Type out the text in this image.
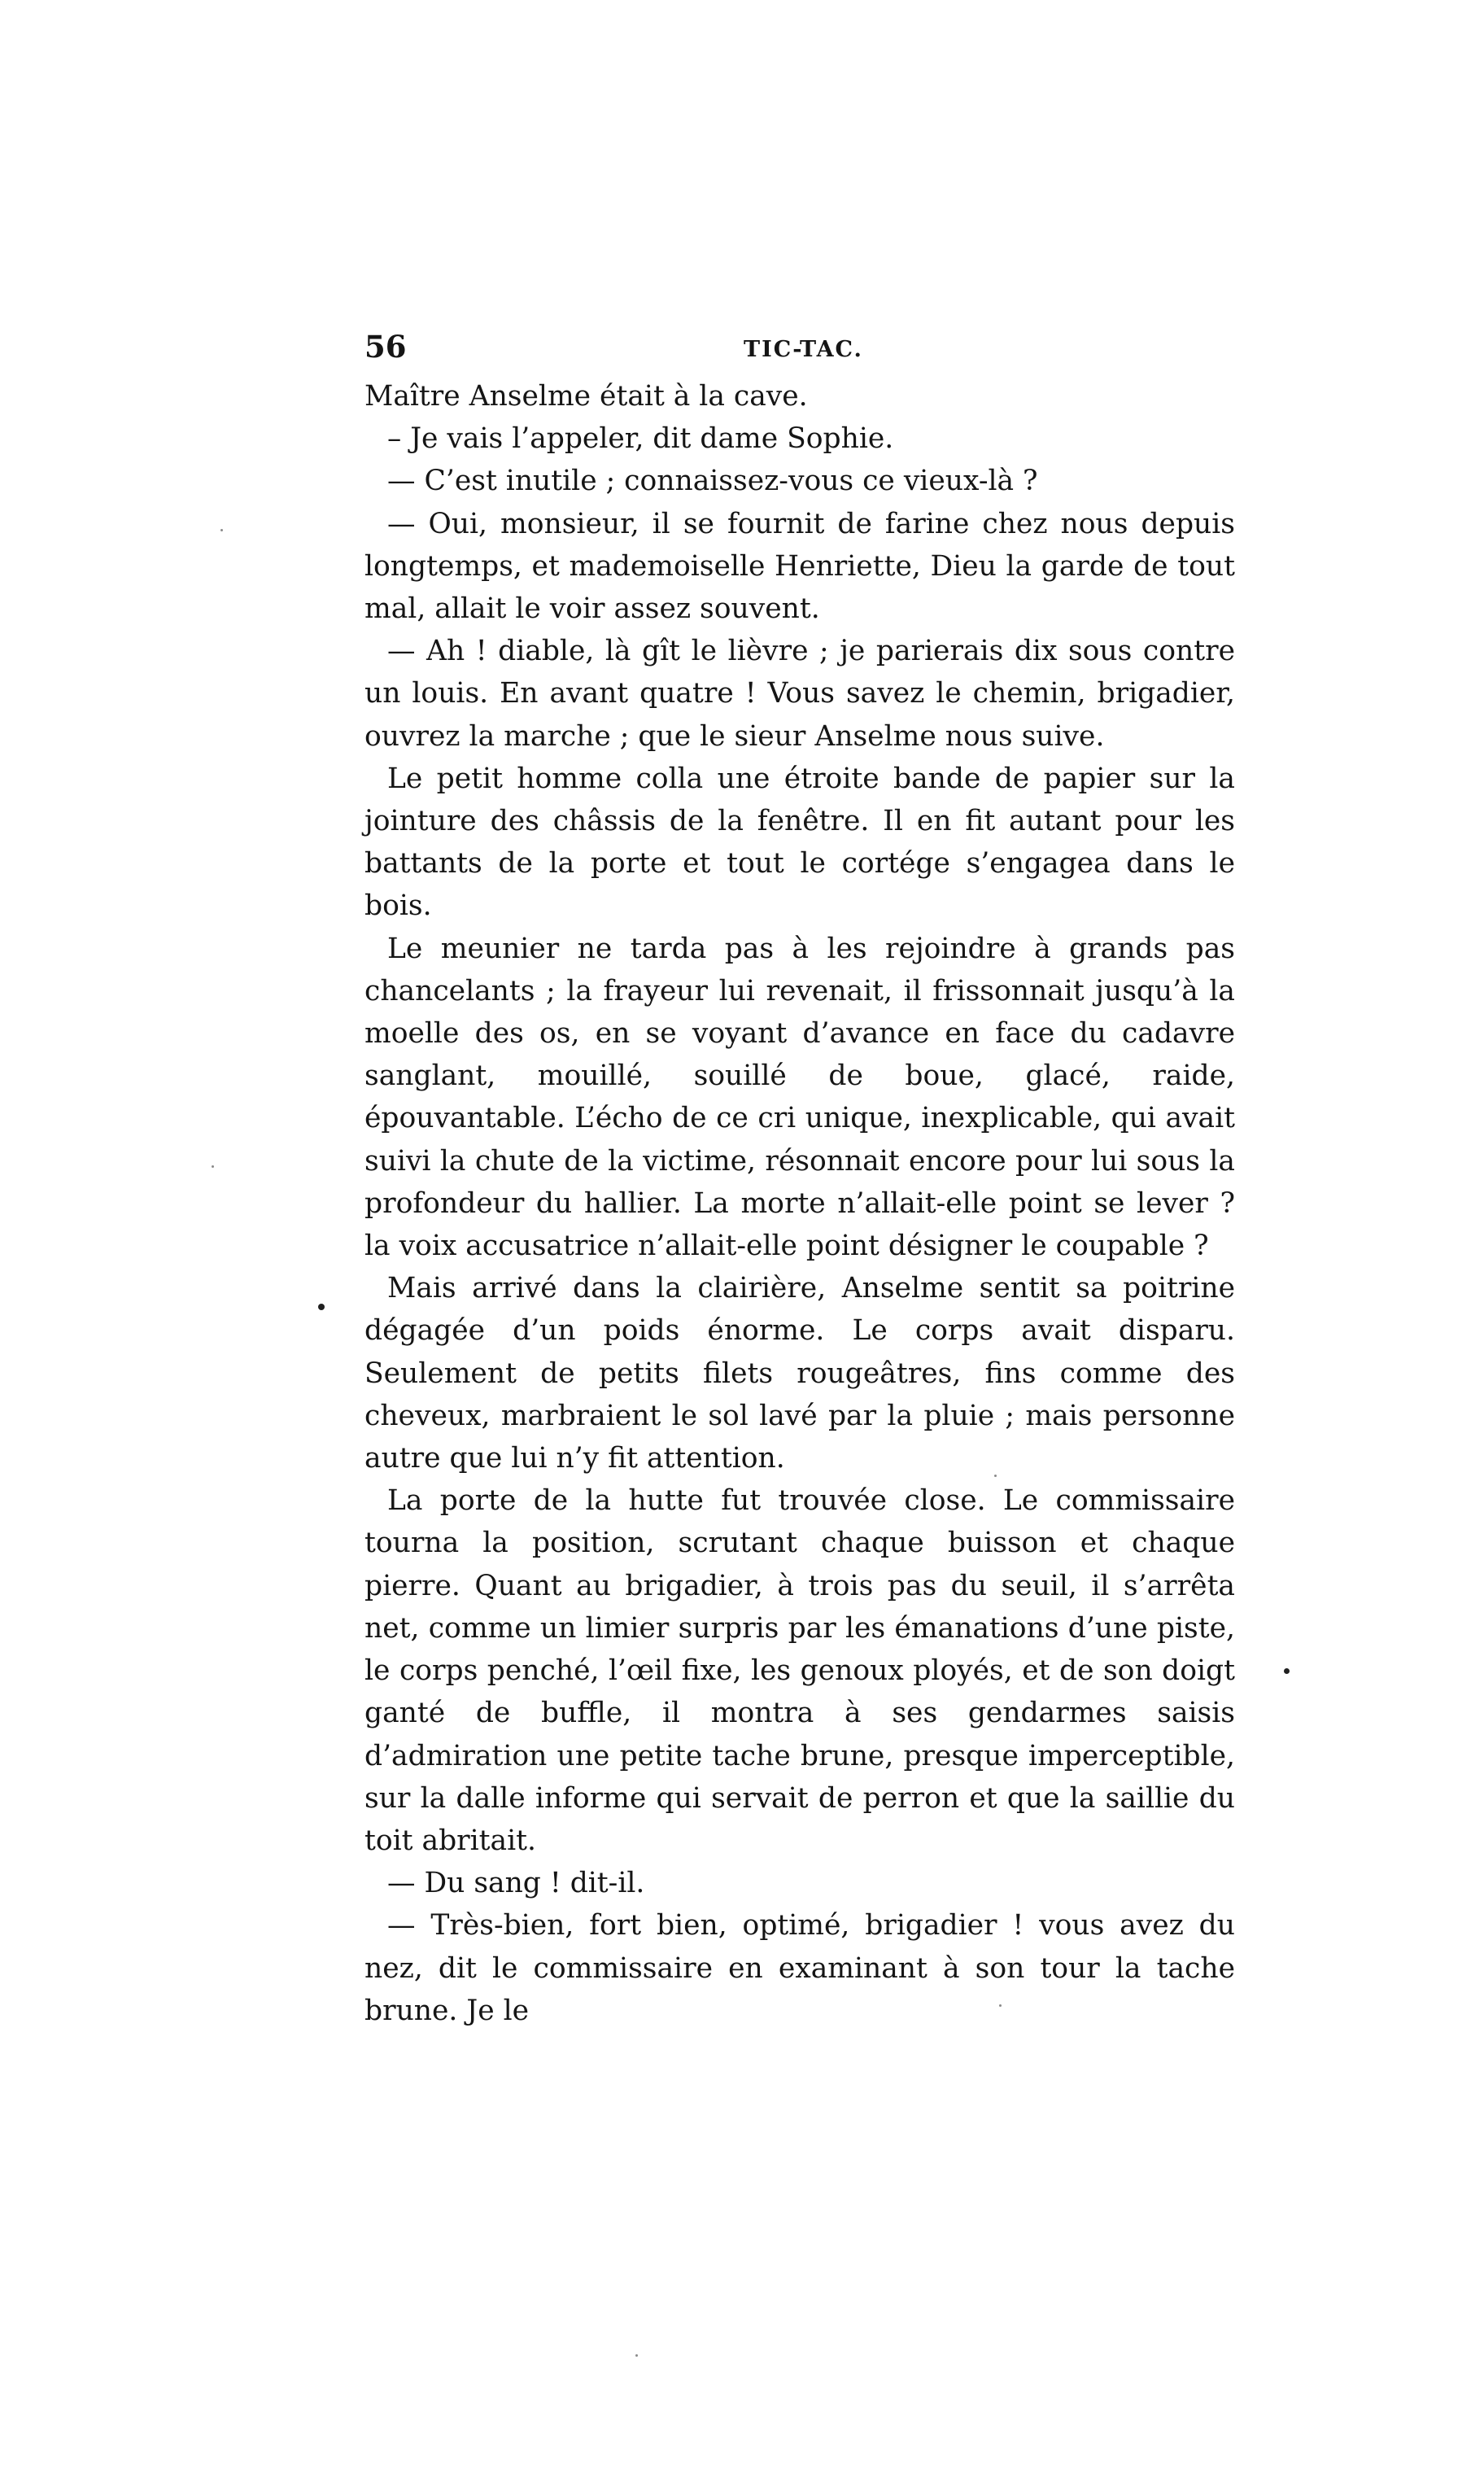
56	TIC-TAC.

Maître Anselme était à la cave.

– Je vais l’appeler, dit dame Sophie.

— C’est inutile ; connaissez-vous ce vieux-là ?

— Oui, monsieur, il se fournit de farine chez nous depuis longtemps, et mademoiselle Henriette, Dieu la garde de tout mal, allait le voir assez souvent.

— Ah ! diable, là gît le lièvre ; je parierais dix sous contre un louis. En avant quatre ! Vous savez le chemin, brigadier, ouvrez la marche ; que le sieur Anselme nous suive.

Le petit homme colla une étroite bande de papier sur la jointure des châssis de la fenêtre. Il en fit autant pour les battants de la porte et tout le cortége s’engagea dans le bois.

Le meunier ne tarda pas à les rejoindre à grands pas chancelants ; la frayeur lui revenait, il frissonnait jusqu’à la moelle des os, en se voyant d’avance en face du cadavre sanglant, mouillé, souillé de boue, glacé, raide, épouvantable. L’écho de ce cri unique, inexplicable, qui avait suivi la chute de la victime, résonnait encore pour lui sous la profondeur du hallier. La morte n’allait-elle point se lever ? la voix accusatrice n’allait-elle point désigner le coupable ?

Mais arrivé dans la clairière, Anselme sentit sa poitrine dégagée d’un poids énorme. Le corps avait disparu. Seulement de petits filets rougeâtres, fins comme des cheveux, marbraient le sol lavé par la pluie ; mais personne autre que lui n’y fit attention.

La porte de la hutte fut trouvée close. Le commissaire tourna la position, scrutant chaque buisson et chaque pierre. Quant au brigadier, à trois pas du seuil, il s’arrêta net, comme un limier surpris par les émanations d’une piste, le corps penché, l’œil fixe, les genoux ployés, et de son doigt ganté de buffle, il montra à ses gendarmes saisis d’admiration une petite tache brune, presque imperceptible, sur la dalle informe qui servait de perron et que la saillie du toit abritait.

— Du sang ! dit-il.

— Très-bien, fort bien, optimé, brigadier ! vous avez du nez, dit le commissaire en examinant à son tour la tache brune. Je le
